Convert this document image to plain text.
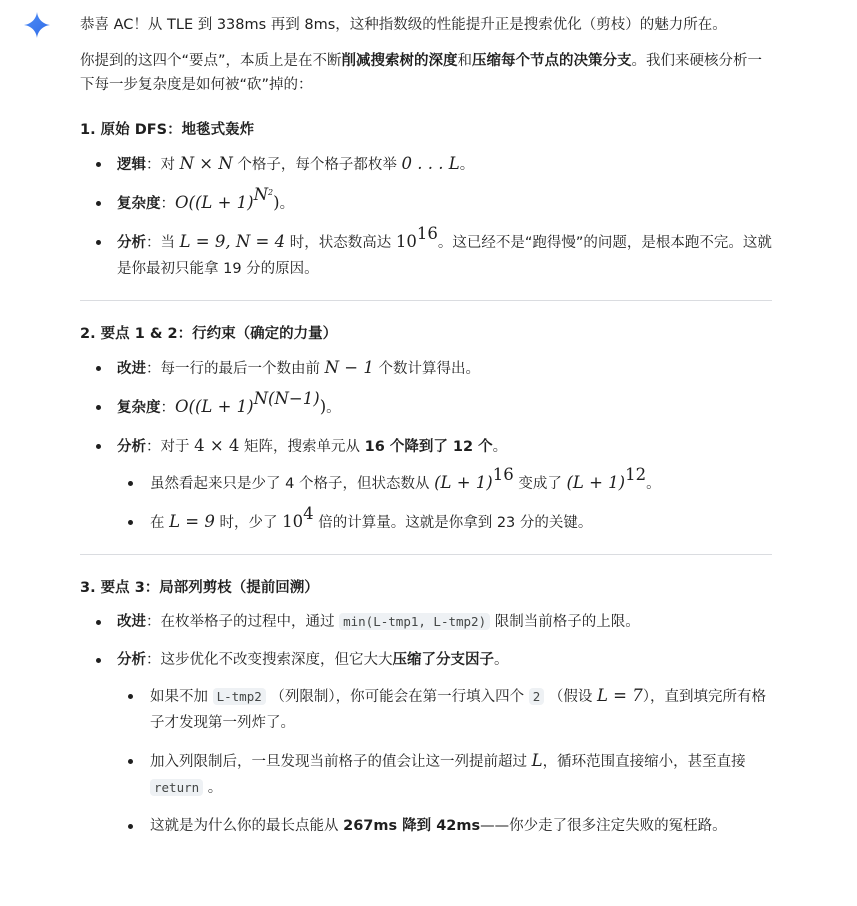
恭喜 AC！从 TLE 到 338ms 再到 8ms，这种指数级的性能提升正是搜索优化（剪枝）的魅力所在。

你提到的这四个“要点”，本质上是在不断削减搜索树的深度和压缩每个节点的决策分支。我们来硬核分析一下每一步复杂度是如何被“砍”掉的：

1. 原始 DFS：地毯式轰炸
逻辑：对 N × N 个格子，每个格子都枚举 0 . . . L。
复杂度：$O((L + 1)^{N^2})$。
分析：当 L = 9, N = 4 时，状态数高达 $10^{16}$。这已经不是“跑得慢”的问题，是根本跑不完。这就是你最初只能拿 19 分的原因。
2. 要点 1 & 2：行约束（确定的力量）
改进：每一行的最后一个数由前 N − 1 个数计算得出。
复杂度：$O((L + 1)^{N(N-1)})$。
分析：对于 4 × 4 矩阵，搜索单元从 16 个降到了 12 个。
虽然看起来只是少了 4 个格子，但状态数从 $(L + 1)^{16}$ 变成了 $(L + 1)^{12}$。
在 L = 9 时，少了 $10^4$ 倍的计算量。这就是你拿到 23 分的关键。
3. 要点 3：局部列剪枝（提前回溯）
改进：在枚举格子的过程中，通过 min(L-tmp1, L-tmp2) 限制当前格子的上限。
分析：这步优化不改变搜索深度，但它大大压缩了分支因子。
如果不加 L-tmp2 （列限制），你可能会在第一行填入四个 2 （假设 L = 7），直到填完所有格子才发现第一列炸了。
加入列限制后，一旦发现当前格子的值会让这一列提前超过 L，循环范围直接缩小，甚至直接 return 。
这就是为什么你的最长点能从 267ms 降到 42ms——你少走了很多注定失败的冤枉路。
